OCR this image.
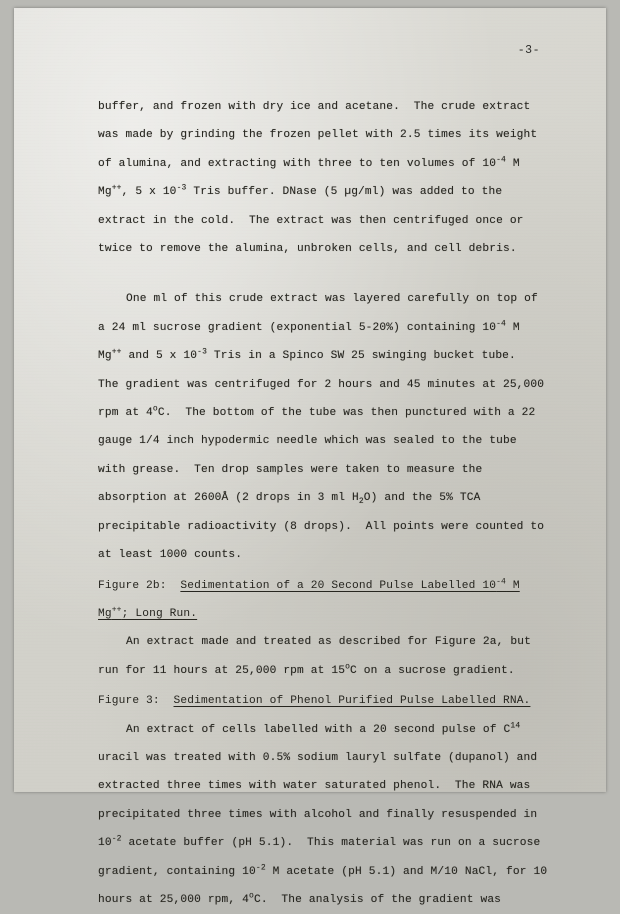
-3-

buffer, and frozen with dry ice and acetane.  The crude extract was made by grinding the frozen pellet with 2.5 times its weight of alumina, and extracting with three to ten volumes of $10^{-4}$ M Mg++, 5 x $10^{-3}$ Tris buffer. DNase (5 µg/ml) was added to the extract in the cold.  The extract was then centrifuged once or twice to remove the alumina, unbroken cells, and cell debris.

One ml of this crude extract was layered carefully on top of a 24 ml sucrose gradient (exponential 5-20%) containing $10^{-4}$ M Mg++ and 5 x $10^{-3}$ Tris in a Spinco SW 25 swinging bucket tube.  The gradient was centrifuged for 2 hours and 45 minutes at 25,000 rpm at 4$^o$C.  The bottom of the tube was then punctured with a 22 gauge 1/4 inch hypodermic needle which was sealed to the tube with grease.  Ten drop samples were taken to measure the absorption at 2600Å (2 drops in 3 ml $H_2O$) and the 5% TCA precipitable radioactivity (8 drops).  All points were counted to at least 1000 counts.

Figure 2b: Sedimentation of a 20 Second Pulse Labelled $10^{-4}$ M Mg++; Long Run.

An extract made and treated as described for Figure 2a, but run for 11 hours at 25,000 rpm at 15$^o$C on a sucrose gradient.

Figure 3: Sedimentation of Phenol Purified Pulse Labelled RNA.

An extract of cells labelled with a 20 second pulse of $C^{14}$ uracil was treated with 0.5% sodium lauryl sulfate (dupanol) and extracted three times with water saturated phenol.  The RNA was precipitated three times with alcohol and finally resuspended in $10^{-2}$ acetate buffer (pH 5.1).  This material was run on a sucrose gradient, containing $10^{-2}$ M acetate (pH 5.1) and M/10 NaCl, for 10 hours at 25,000 rpm, 4$^o$C.  The analysis of the gradient was
